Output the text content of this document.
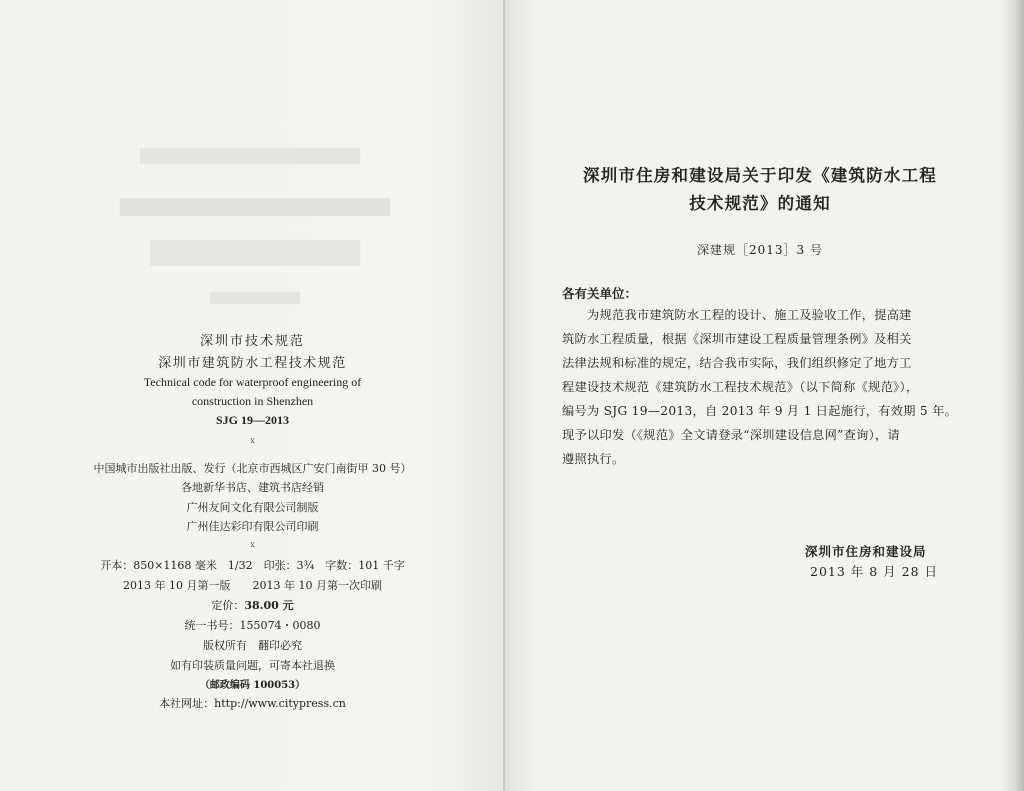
深圳市技术规范
深圳市建筑防水工程技术规范
Technical code for waterproof engineering of
construction in Shenzhen
SJG 19—2013
x
中国城市出版社出版、发行（北京市西城区广安门南街甲 30 号）
各地新华书店、建筑书店经销
广州友间文化有限公司制版
广州佳达彩印有限公司印刷
x
开本：850×1168 毫米　1/32　印张：3¾　字数：101 千字
2013 年 10 月第一版　　2013 年 10 月第一次印刷
定价：38.00 元
统一书号：155074・0080
版权所有　翻印必究
如有印装质量问题，可寄本社退换
（邮政编码 100053）
本社网址：http://www.citypress.cn
深圳市住房和建设局关于印发《建筑防水工程
技术规范》的通知
深建规［2013］3 号
各有关单位：
为规范我市建筑防水工程的设计、施工及验收工作，提高建
筑防水工程质量，根据《深圳市建设工程质量管理条例》及相关
法律法规和标准的规定，结合我市实际，我们组织修定了地方工
程建设技术规范《建筑防水工程技术规范》（以下简称《规范》），
编号为 SJG 19—2013，自 2013 年 9 月 1 日起施行，有效期 5 年。
现予以印发（《规范》全文请登录“深圳建设信息网”查询），请
遵照执行。
深圳市住房和建设局
2013 年 8 月 28 日
